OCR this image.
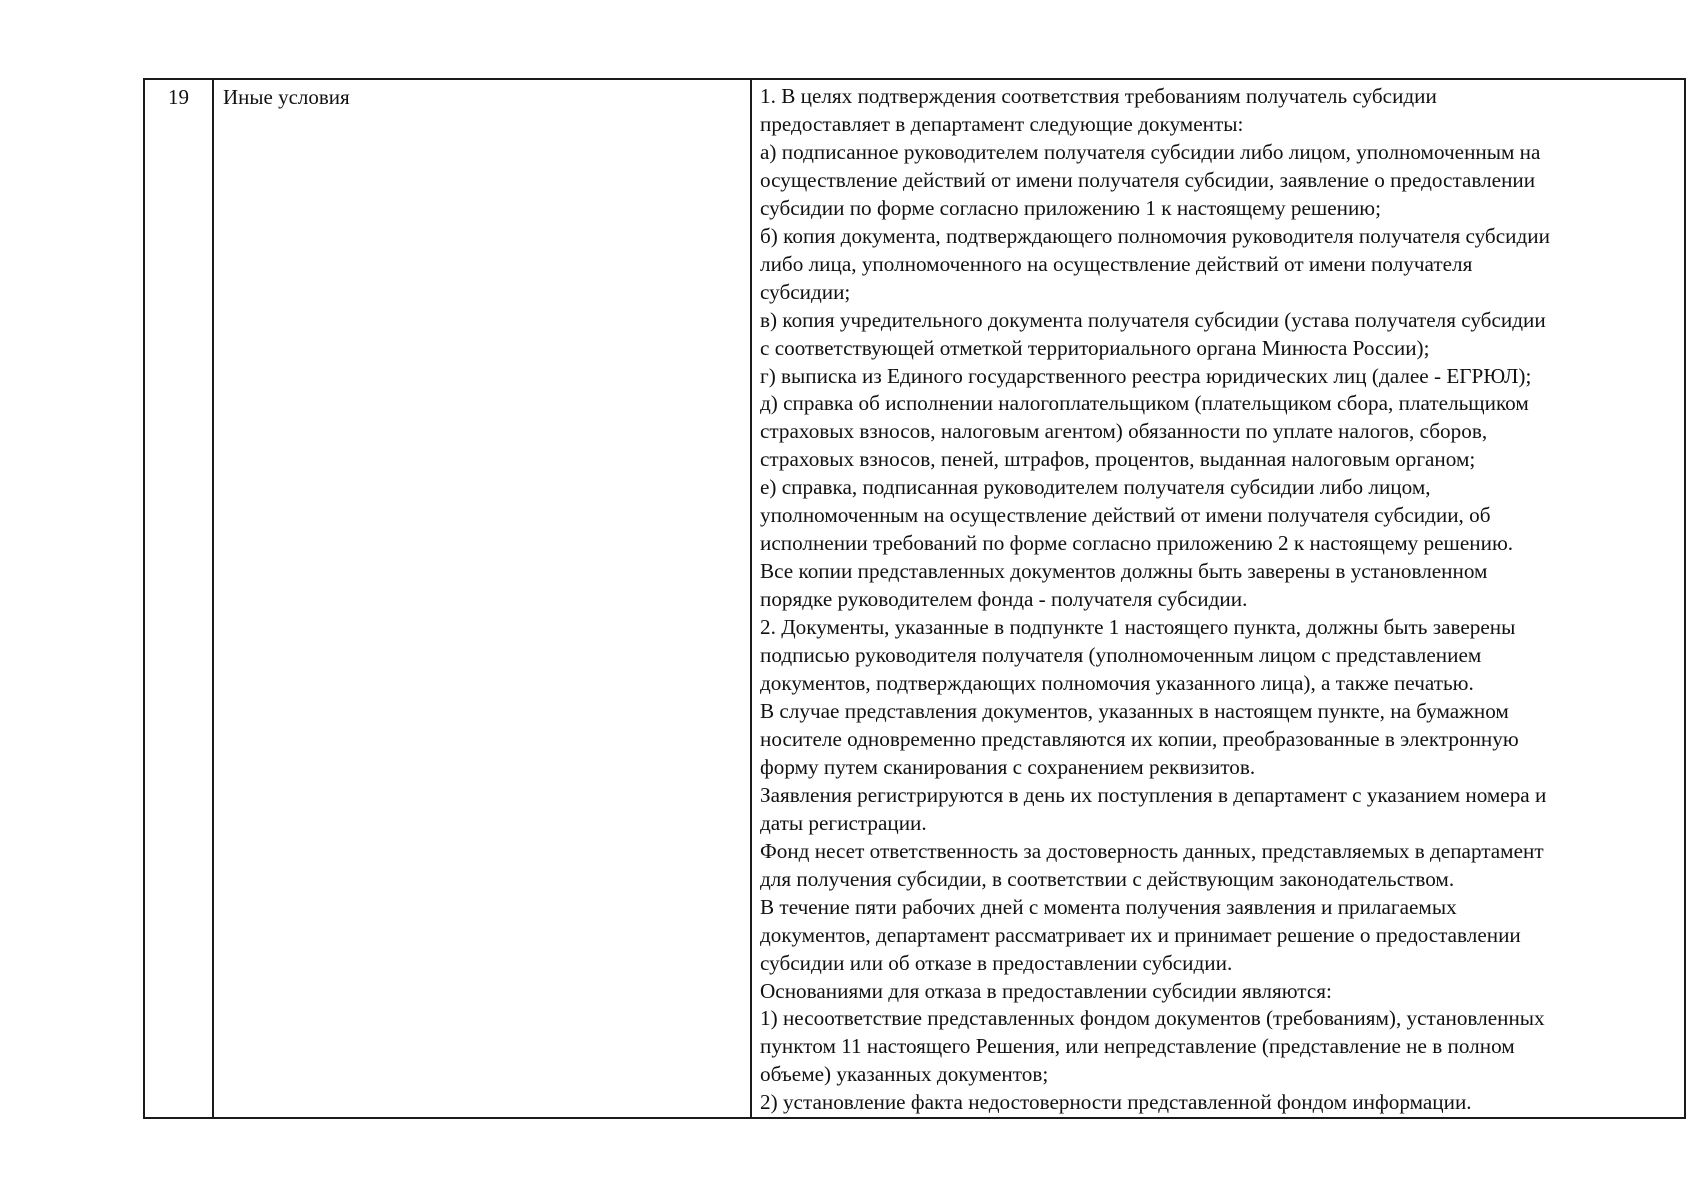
19	Иные условия	1. В целях подтверждения соответствия требованиям получатель субсидии

предоставляет в департамент следующие документы:

а) подписанное руководителем получателя субсидии либо лицом, уполномоченным на

осуществление действий от имени получателя субсидии, заявление о предоставлении

субсидии по форме согласно приложению 1 к настоящему решению;

б) копия документа, подтверждающего полномочия руководителя получателя субсидии

либо лица, уполномоченного на осуществление действий от имени получателя

субсидии;

в) копия учредительного документа получателя субсидии (устава получателя субсидии

с соответствующей отметкой территориального органа Минюста России);

г) выписка из Единого государственного реестра юридических лиц (далее - ЕГРЮЛ);

д) справка об исполнении налогоплательщиком (плательщиком сбора, плательщиком

страховых взносов, налоговым агентом) обязанности по уплате налогов, сборов,

страховых взносов, пеней, штрафов, процентов, выданная налоговым органом;

е) справка, подписанная руководителем получателя субсидии либо лицом,

уполномоченным на осуществление действий от имени получателя субсидии, об

исполнении требований по форме согласно приложению 2 к настоящему решению.

Все копии представленных документов должны быть заверены в установленном

порядке руководителем фонда - получателя субсидии.

2. Документы, указанные в подпункте 1 настоящего пункта, должны быть заверены

подписью руководителя получателя (уполномоченным лицом с представлением

документов, подтверждающих полномочия указанного лица), а также печатью.

В случае представления документов, указанных в настоящем пункте, на бумажном

носителе одновременно представляются их копии, преобразованные в электронную

форму путем сканирования с сохранением реквизитов.

Заявления регистрируются в день их поступления в департамент с указанием номера и

даты регистрации.

Фонд несет ответственность за достоверность данных, представляемых в департамент

для получения субсидии, в соответствии с действующим законодательством.

В течение пяти рабочих дней с момента получения заявления и прилагаемых

документов, департамент рассматривает их и принимает решение о предоставлении

субсидии или об отказе в предоставлении субсидии.

Основаниями для отказа в предоставлении субсидии являются:

1) несоответствие представленных фондом документов (требованиям), установленных

пунктом 11 настоящего Решения, или непредставление (представление не в полном

объеме) указанных документов;

2) установление факта недостоверности представленной фондом информации.
